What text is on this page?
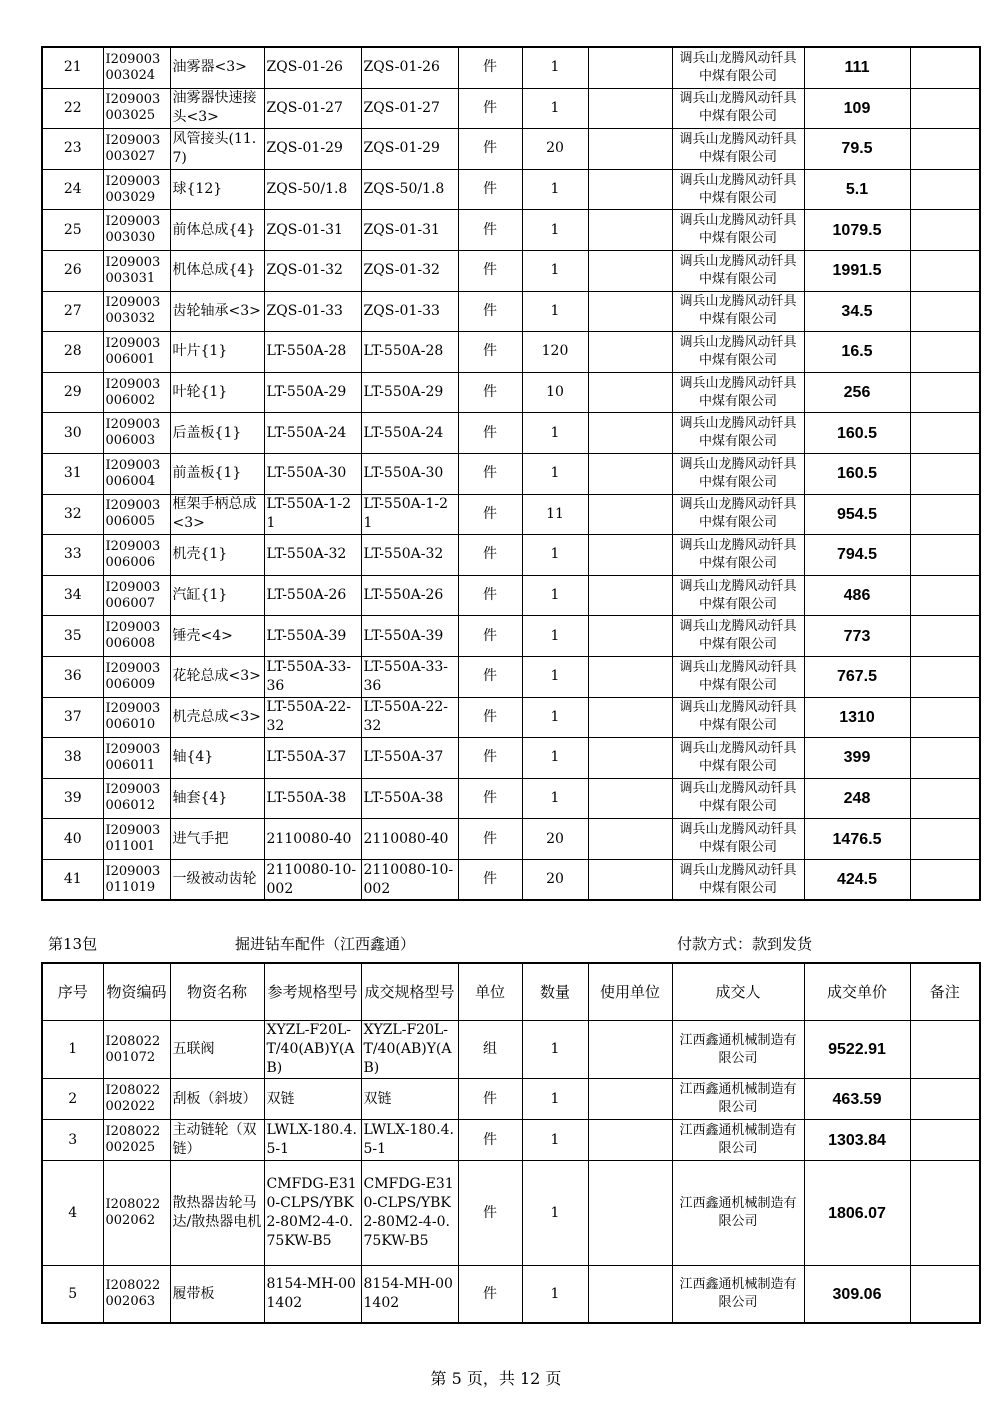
21	I209003003024	油雾器<3>	ZQS-01-26	ZQS-01-26	件	1		调兵山龙腾风动钎具中煤有限公司	111	
22	I209003003025	油雾器快速接头<3>	ZQS-01-27	ZQS-01-27	件	1		调兵山龙腾风动钎具中煤有限公司	109	
23	I209003003027	风管接头(11.7)	ZQS-01-29	ZQS-01-29	件	20		调兵山龙腾风动钎具中煤有限公司	79.5	
24	I209003003029	球{12}	ZQS-50/1.8	ZQS-50/1.8	件	1		调兵山龙腾风动钎具中煤有限公司	5.1	
25	I209003003030	前体总成{4}	ZQS-01-31	ZQS-01-31	件	1		调兵山龙腾风动钎具中煤有限公司	1079.5	
26	I209003003031	机体总成{4}	ZQS-01-32	ZQS-01-32	件	1		调兵山龙腾风动钎具中煤有限公司	1991.5	
27	I209003003032	齿轮轴承<3>	ZQS-01-33	ZQS-01-33	件	1		调兵山龙腾风动钎具中煤有限公司	34.5	
28	I209003006001	叶片{1}	LT-550A-28	LT-550A-28	件	120		调兵山龙腾风动钎具中煤有限公司	16.5	
29	I209003006002	叶轮{1}	LT-550A-29	LT-550A-29	件	10		调兵山龙腾风动钎具中煤有限公司	256	
30	I209003006003	后盖板{1}	LT-550A-24	LT-550A-24	件	1		调兵山龙腾风动钎具中煤有限公司	160.5	
31	I209003006004	前盖板{1}	LT-550A-30	LT-550A-30	件	1		调兵山龙腾风动钎具中煤有限公司	160.5	
32	I209003006005	框架手柄总成<3>	LT-550A-1-21	LT-550A-1-21	件	11		调兵山龙腾风动钎具中煤有限公司	954.5	
33	I209003006006	机壳{1}	LT-550A-32	LT-550A-32	件	1		调兵山龙腾风动钎具中煤有限公司	794.5	
34	I209003006007	汽缸{1}	LT-550A-26	LT-550A-26	件	1		调兵山龙腾风动钎具中煤有限公司	486	
35	I209003006008	锤壳<4>	LT-550A-39	LT-550A-39	件	1		调兵山龙腾风动钎具中煤有限公司	773	
36	I209003006009	花轮总成<3>	LT-550A-33-36	LT-550A-33-36	件	1		调兵山龙腾风动钎具中煤有限公司	767.5	
37	I209003006010	机壳总成<3>	LT-550A-22-32	LT-550A-22-32	件	1		调兵山龙腾风动钎具中煤有限公司	1310	
38	I209003006011	轴{4}	LT-550A-37	LT-550A-37	件	1		调兵山龙腾风动钎具中煤有限公司	399	
39	I209003006012	轴套{4}	LT-550A-38	LT-550A-38	件	1		调兵山龙腾风动钎具中煤有限公司	248	
40	I209003011001	进气手把	2110080-40	2110080-40	件	20		调兵山龙腾风动钎具中煤有限公司	1476.5	
41	I209003011019	一级被动齿轮	2110080-10-002	2110080-10-002	件	20		调兵山龙腾风动钎具中煤有限公司	424.5	
第13包	掘进钻车配件（江西鑫通）	付款方式：款到发货
序号	物资编码	物资名称	参考规格型号	成交规格型号	单位	数量	使用单位	成交人	成交单价	备注
1	I208022001072	五联阀	XYZL-F20L-T/40(AB)Y(AB)	XYZL-F20L-T/40(AB)Y(AB)	组	1		江西鑫通机械制造有限公司	9522.91	
2	I208022002022	刮板（斜坡）	双链	双链	件	1		江西鑫通机械制造有限公司	463.59	
3	I208022002025	主动链轮（双链）	LWLX-180.4.5-1	LWLX-180.4.5-1	件	1		江西鑫通机械制造有限公司	1303.84	
4	I208022002062	散热器齿轮马达/散热器电机	CMFDG-E310-CLPS/YBK2-80M2-4-0.75KW-B5	CMFDG-E310-CLPS/YBK2-80M2-4-0.75KW-B5	件	1		江西鑫通机械制造有限公司	1806.07	
5	I208022002063	履带板	8154-MH-001402	8154-MH-001402	件	1		江西鑫通机械制造有限公司	309.06	
第 5 页，共 12 页
